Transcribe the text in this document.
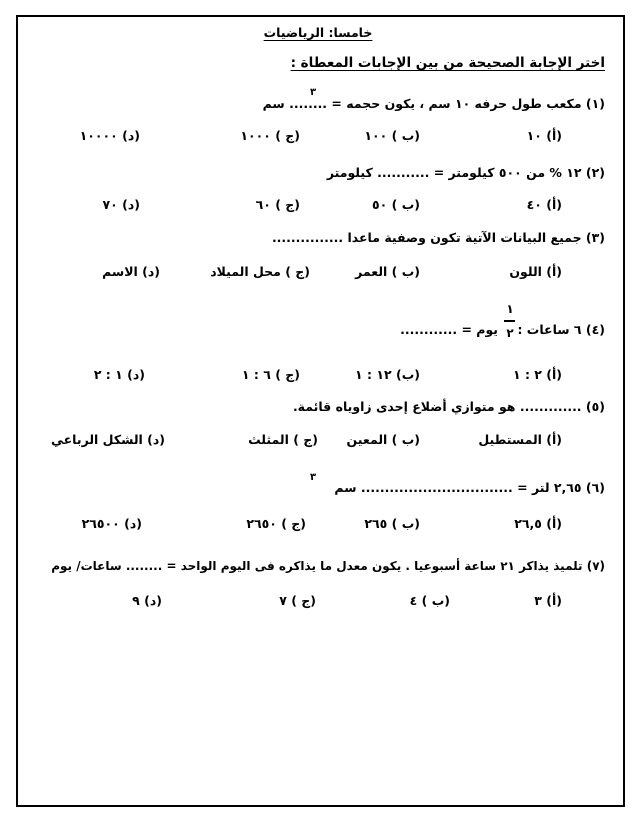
خامسا: الرياضيات
اختر الإجابة الصحيحة من بين الإجابات المعطاة :
(١) مكعب طول حرفه ١٠ سم ، يكون حجمه = ........ سم
٣
(أ) ١٠
(ب ) ١٠٠
(ج ) ١٠٠٠
(د) ١٠٠٠٠
(٢) ١٢ % من ٥٠٠ كيلومتر = ........... كيلومتر
(أ) ٤٠
(ب ) ٥٠
(ج ) ٦٠
(د) ٧٠
(٣) جميع البيانات الآتية تكون وصفية ماعدا ...............
(أ) اللون
(ب ) العمر
(ج ) محل الميلاد
(د) الاسم
(٤) ٦ ساعات :
١
٢
يوم = ............
(أ) ٢ : ١
(ب) ١٢ : ١
(ج ) ٦ : ١
(د) ١ : ٢
(٥) ............. هو متوازي أضلاع إحدى زاوياه قائمة.
(أ) المستطيل
(ب ) المعين
(ج ) المثلث
(د) الشكل الرباعي
(٦) ٢,٦٥ لتر = ................................ سم
٣
(أ) ٢٦,٥
(ب ) ٢٦٥
(ج ) ٢٦٥٠
(د) ٢٦٥٠٠
(٧) تلميذ يذاكر ٢١ ساعة أسبوعيا . يكون معدل ما يذاكره فى اليوم الواحد = ........ ساعات/ يوم
(أ) ٣
(ب ) ٤
(ج ) ٧
(د) ٩
